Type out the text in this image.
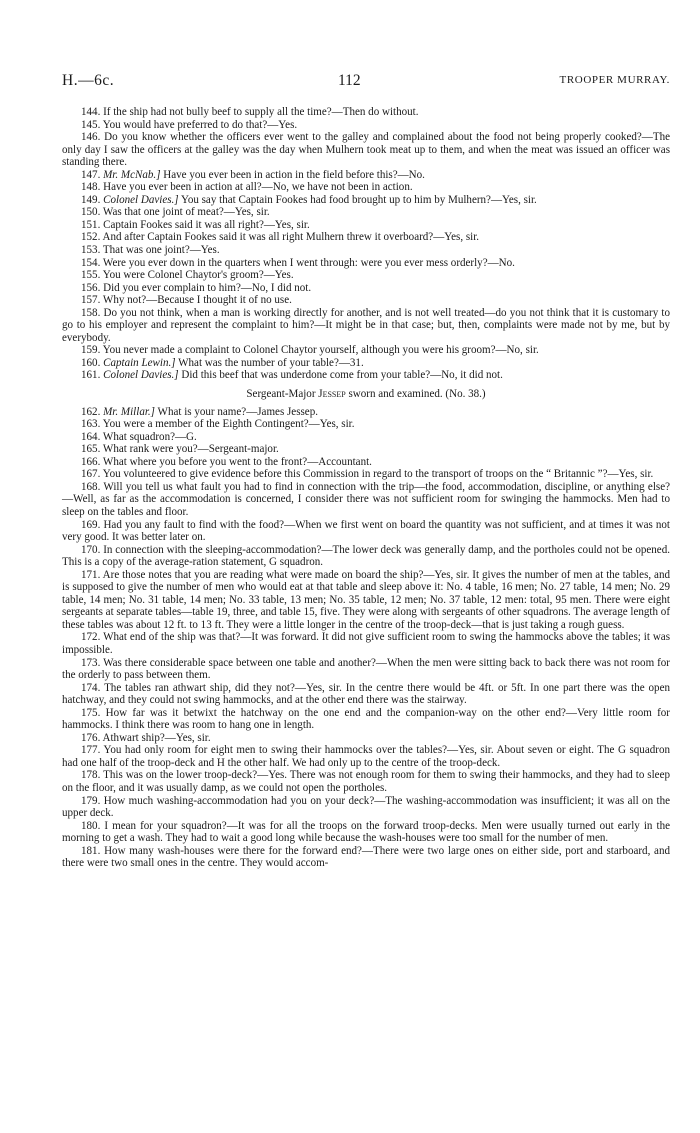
H.—6c.	112	TROOPER MURRAY.

144. If the ship had not bully beef to supply all the time?—Then do without.

145. You would have preferred to do that?—Yes.

146. Do you know whether the officers ever went to the galley and complained about the food not being properly cooked?—The only day I saw the officers at the galley was the day when Mulhern took meat up to them, and when the meat was issued an officer was standing there.

147. Mr. McNab.] Have you ever been in action in the field before this?—No.

148. Have you ever been in action at all?—No, we have not been in action.

149. Colonel Davies.] You say that Captain Fookes had food brought up to him by Mulhern?—Yes, sir.

150. Was that one joint of meat?—Yes, sir.

151. Captain Fookes said it was all right?—Yes, sir.

152. And after Captain Fookes said it was all right Mulhern threw it overboard?—Yes, sir.

153. That was one joint?—Yes.

154. Were you ever down in the quarters when I went through: were you ever mess orderly?—No.

155. You were Colonel Chaytor's groom?—Yes.

156. Did you ever complain to him?—No, I did not.

157. Why not?—Because I thought it of no use.

158. Do you not think, when a man is working directly for another, and is not well treated—do you not think that it is customary to go to his employer and represent the complaint to him?—It might be in that case; but, then, complaints were made not by me, but by everybody.

159. You never made a complaint to Colonel Chaytor yourself, although you were his groom?—No, sir.

160. Captain Lewin.] What was the number of your table?—31.

161. Colonel Davies.] Did this beef that was underdone come from your table?—No, it did not.

Sergeant-Major Jessep sworn and examined. (No. 38.)

162. Mr. Millar.] What is your name?—James Jessep.

163. You were a member of the Eighth Contingent?—Yes, sir.

164. What squadron?—G.

165. What rank were you?—Sergeant-major.

166. What where you before you went to the front?—Accountant.

167. You volunteered to give evidence before this Commission in regard to the transport of troops on the “ Britannic ”?—Yes, sir.

168. Will you tell us what fault you had to find in connection with the trip—the food, accommodation, discipline, or anything else?—Well, as far as the accommodation is concerned, I consider there was not sufficient room for swinging the hammocks. Men had to sleep on the tables and floor.

169. Had you any fault to find with the food?—When we first went on board the quantity was not sufficient, and at times it was not very good. It was better later on.

170. In connection with the sleeping-accommodation?—The lower deck was generally damp, and the portholes could not be opened. This is a copy of the average-ration statement, G squadron.

171. Are those notes that you are reading what were made on board the ship?—Yes, sir. It gives the number of men at the tables, and is supposed to give the number of men who would eat at that table and sleep above it: No. 4 table, 16 men; No. 27 table, 14 men; No. 29 table, 14 men; No. 31 table, 14 men; No. 33 table, 13 men; No. 35 table, 12 men; No. 37 table, 12 men: total, 95 men. There were eight sergeants at separate tables—table 19, three, and table 15, five. They were along with sergeants of other squadrons. The average length of these tables was about 12 ft. to 13 ft. They were a little longer in the centre of the troop-deck—that is just taking a rough guess.

172. What end of the ship was that?—It was forward. It did not give sufficient room to swing the hammocks above the tables; it was impossible.

173. Was there considerable space between one table and another?—When the men were sitting back to back there was not room for the orderly to pass between them.

174. The tables ran athwart ship, did they not?—Yes, sir. In the centre there would be 4ft. or 5ft. In one part there was the open hatchway, and they could not swing hammocks, and at the other end there was the stairway.

175. How far was it betwixt the hatchway on the one end and the companion-way on the other end?—Very little room for hammocks. I think there was room to hang one in length.

176. Athwart ship?—Yes, sir.

177. You had only room for eight men to swing their hammocks over the tables?—Yes, sir. About seven or eight. The G squadron had one half of the troop-deck and H the other half. We had only up to the centre of the troop-deck.

178. This was on the lower troop-deck?—Yes. There was not enough room for them to swing their hammocks, and they had to sleep on the floor, and it was usually damp, as we could not open the portholes.

179. How much washing-accommodation had you on your deck?—The washing-accommodation was insufficient; it was all on the upper deck.

180. I mean for your squadron?—It was for all the troops on the forward troop-decks. Men were usually turned out early in the morning to get a wash. They had to wait a good long while because the wash-houses were too small for the number of men.

181. How many wash-houses were there for the forward end?—There were two large ones on either side, port and starboard, and there were two small ones in the centre. They would accom-
